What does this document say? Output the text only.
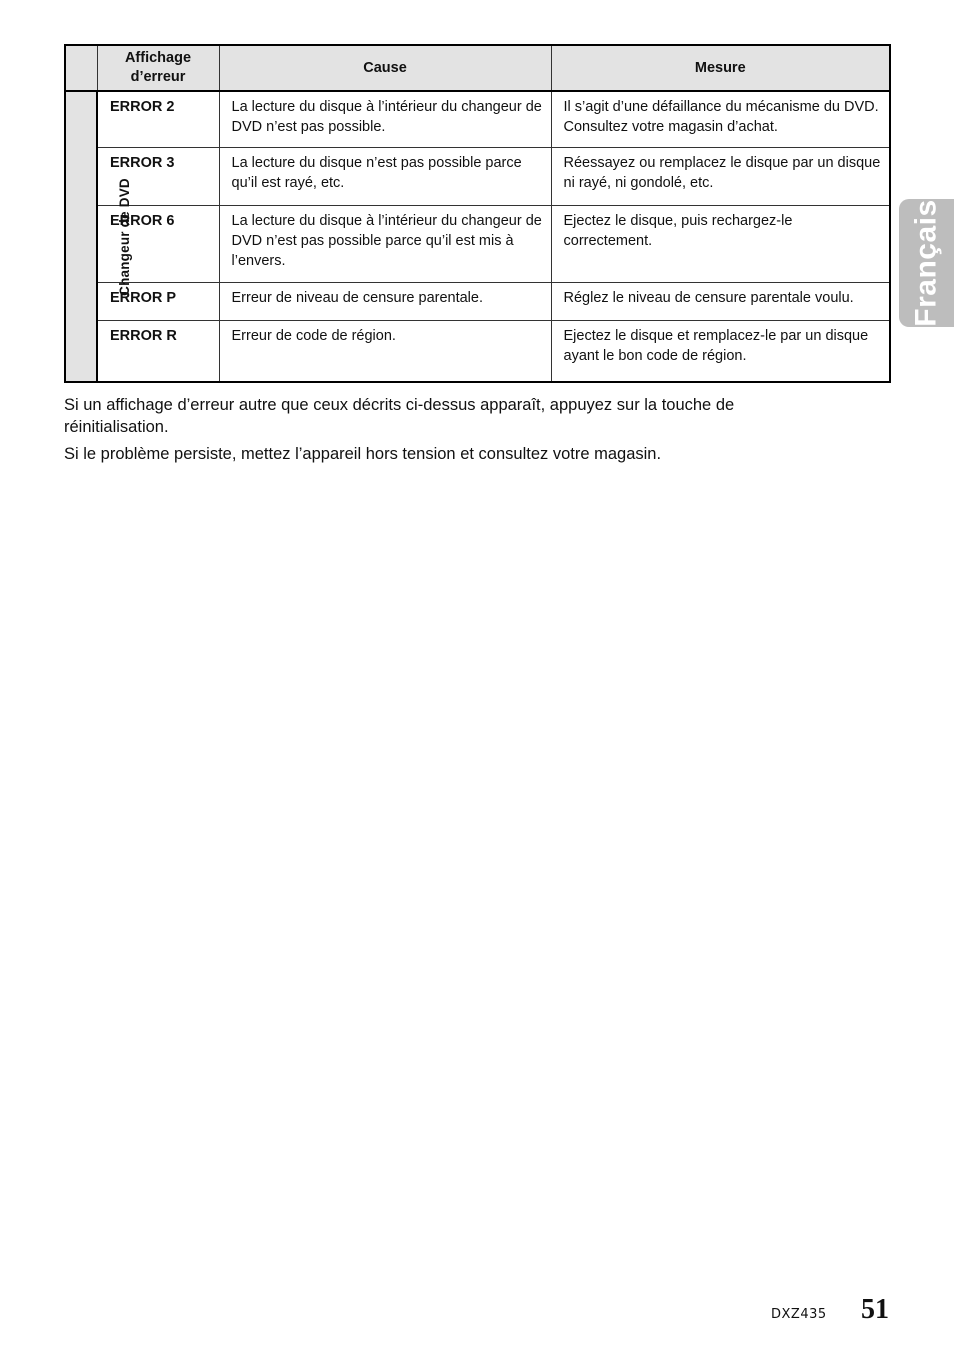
	Affichage d’erreur	Cause	Mesure
Changeur de DVD	ERROR 2	La lecture du disque à l’intérieur du changeur de DVD n’est pas possible.	Il s’agit d’une défaillance du mécanisme du DVD. Consultez votre magasin d’achat.
	ERROR 3	La lecture du disque n’est pas possible parce qu’il est rayé, etc.	Réessayez ou remplacez le disque par un disque ni rayé, ni gondolé, etc.
	ERROR 6	La lecture du disque à l’intérieur du changeur de DVD n’est pas possible parce qu’il est mis à l’envers.	Ejectez le disque, puis rechargez-le correctement.
	ERROR P	Erreur de niveau de censure parentale.	Réglez le niveau de censure parentale voulu.
	ERROR R	Erreur de code de région.	Ejectez le disque et remplacez-le par un disque ayant le bon code de région.

Si un affichage d’erreur autre que ceux décrits ci-dessus apparaît, appuyez sur la touche de réinitialisation.

Si le problème persiste, mettez l’appareil hors tension et consultez votre magasin.

Français
DXZ435 51
